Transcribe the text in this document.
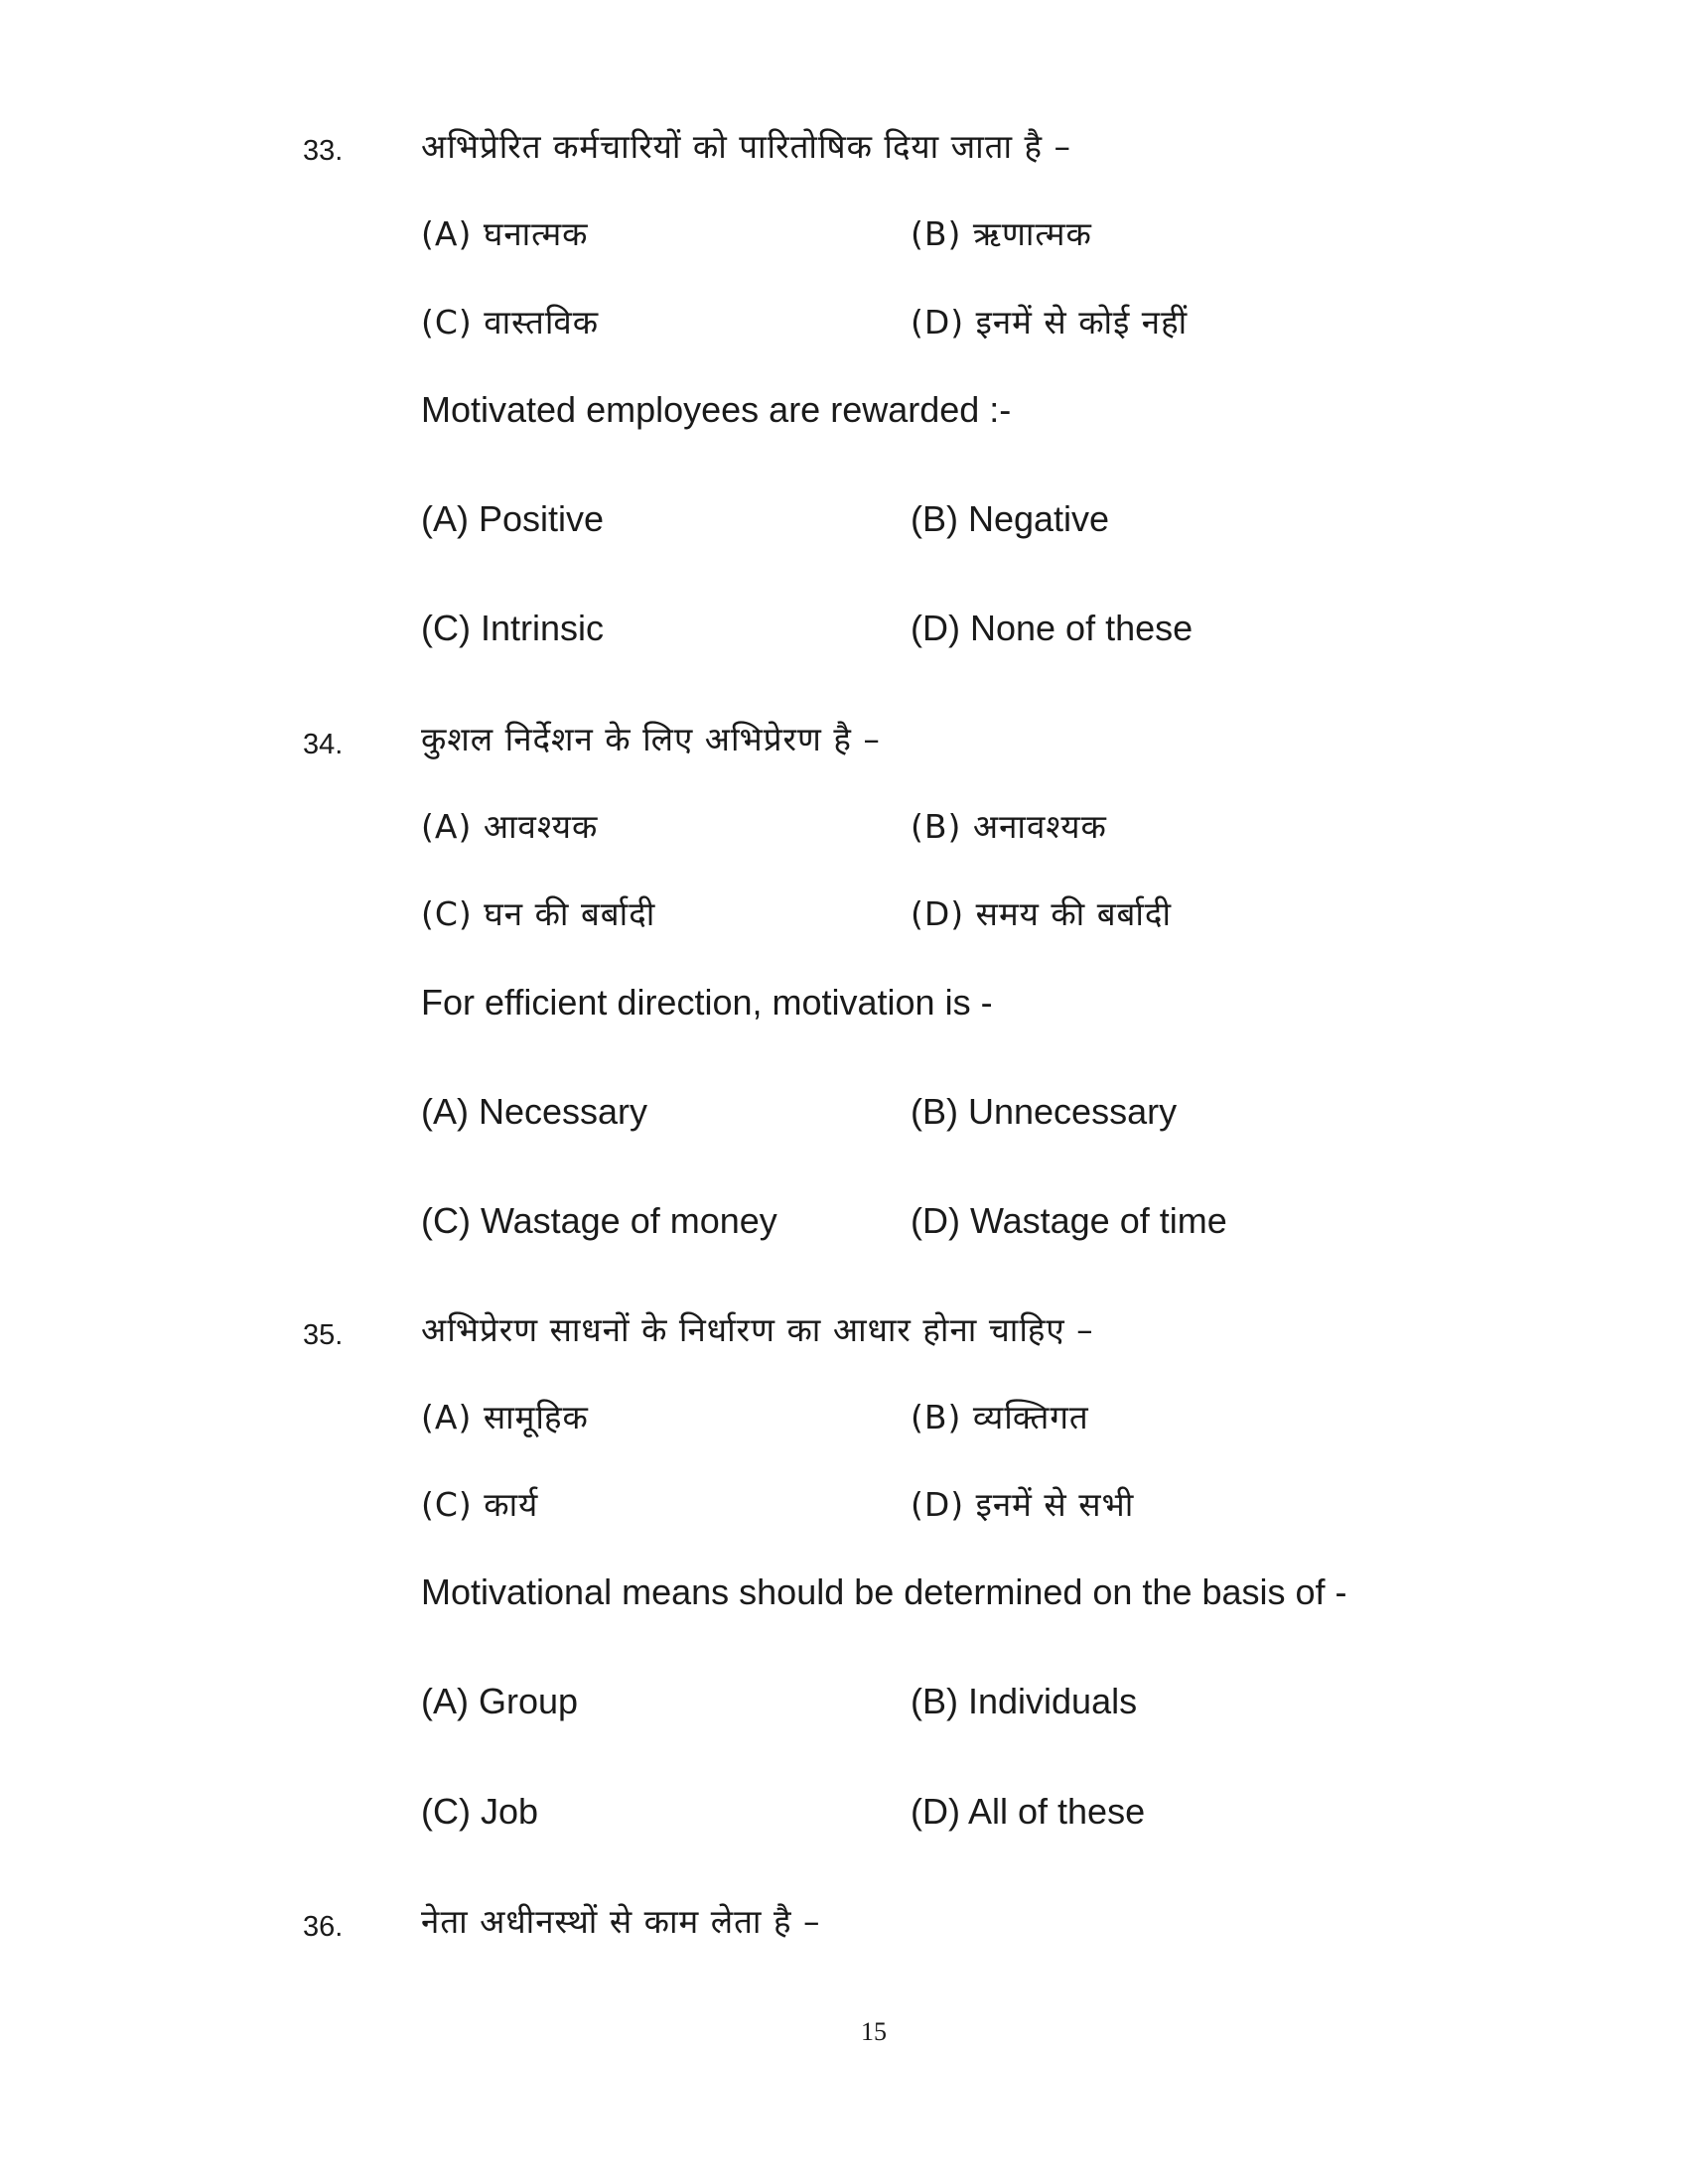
33. अभिप्रेरित कर्मचारियों को पारितोषिक दिया जाता है –
(A) घनात्मक	(B) ऋणात्मक
(C) वास्तविक	(D) इनमें से कोई नहीं
Motivated employees are rewarded :-
(A) Positive	(B) Negative
(C) Intrinsic	(D) None of these
34. कुशल निर्देशन के लिए अभिप्रेरण है –
(A) आवश्यक	(B) अनावश्यक
(C) घन की बर्बादी	(D) समय की बर्बादी
For efficient direction, motivation is -
(A) Necessary	(B) Unnecessary
(C) Wastage of money	(D) Wastage of time
35. अभिप्रेरण साधनों के निर्धारण का आधार होना चाहिए –
(A) सामूहिक	(B) व्यक्तिगत
(C) कार्य	(D) इनमें से सभी
Motivational means should be determined on the basis of -
(A) Group	(B) Individuals
(C) Job	(D) All of these
36. नेता अधीनस्थों से काम लेता है –
15
